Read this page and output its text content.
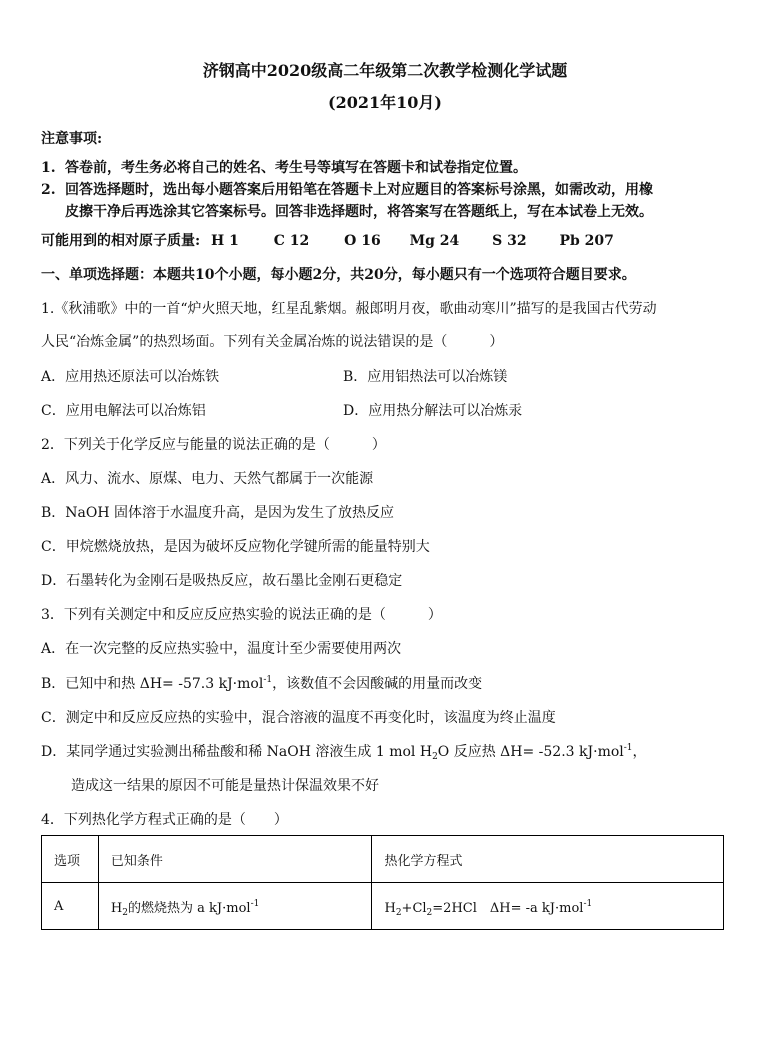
济钢高中2020级高二年级第二次教学检测化学试题
(2021年10月)
注意事项:
1. 答卷前，考生务必将自己的姓名、考生号等填写在答题卡和试卷指定位置。
2. 回答选择题时，选出每小题答案后用铅笔在答题卡上对应题目的答案标号涂黑，如需改动，用橡
皮擦干净后再选涂其它答案标号。回答非选择题时，将答案写在答题纸上，写在本试卷上无效。
可能用到的相对原子质量: H 1 C 12 O 16 Mg 24 S 32 Pb 207
一、单项选择题：本题共10个小题，每小题2分，共20分，每小题只有一个选项符合题目要求。
1.《秋浦歌》中的一首“炉火照天地，红星乱紫烟。赧郎明月夜，歌曲动寒川”描写的是我国古代劳动
人民“冶炼金属”的热烈场面。下列有关金属冶炼的说法错误的是（　　　）
A．应用热还原法可以冶炼铁	B．应用铝热法可以冶炼镁
C．应用电解法可以冶炼铝	D．应用热分解法可以冶炼汞
2．下列关于化学反应与能量的说法正确的是（　　　）
A．风力、流水、原煤、电力、天然气都属于一次能源
B．NaOH 固体溶于水温度升高，是因为发生了放热反应
C．甲烷燃烧放热，是因为破坏反应物化学键所需的能量特别大
D．石墨转化为金刚石是吸热反应，故石墨比金刚石更稳定
3．下列有关测定中和反应反应热实验的说法正确的是（　　　）
A．在一次完整的反应热实验中，温度计至少需要使用两次
B．已知中和热 ΔH= -57.3 kJ·mol$^{-1}$，该数值不会因酸碱的用量而改变
C．测定中和反应反应热的实验中，混合溶液的温度不再变化时，该温度为终止温度
D．某同学通过实验测出稀盐酸和稀 NaOH 溶液生成 1 mol $H_2O$ 反应热 ΔH= -52.3 kJ·mol$^{-1}$，
造成这一结果的原因不可能是量热计保温效果不好
4．下列热化学方程式正确的是（　　）
选项	已知条件	热化学方程式
A	$H_2$的燃烧热为 a kJ·mol$^{-1}$	$H_2+Cl_2=2HCl$　ΔH= -a kJ·mol$^{-1}$
